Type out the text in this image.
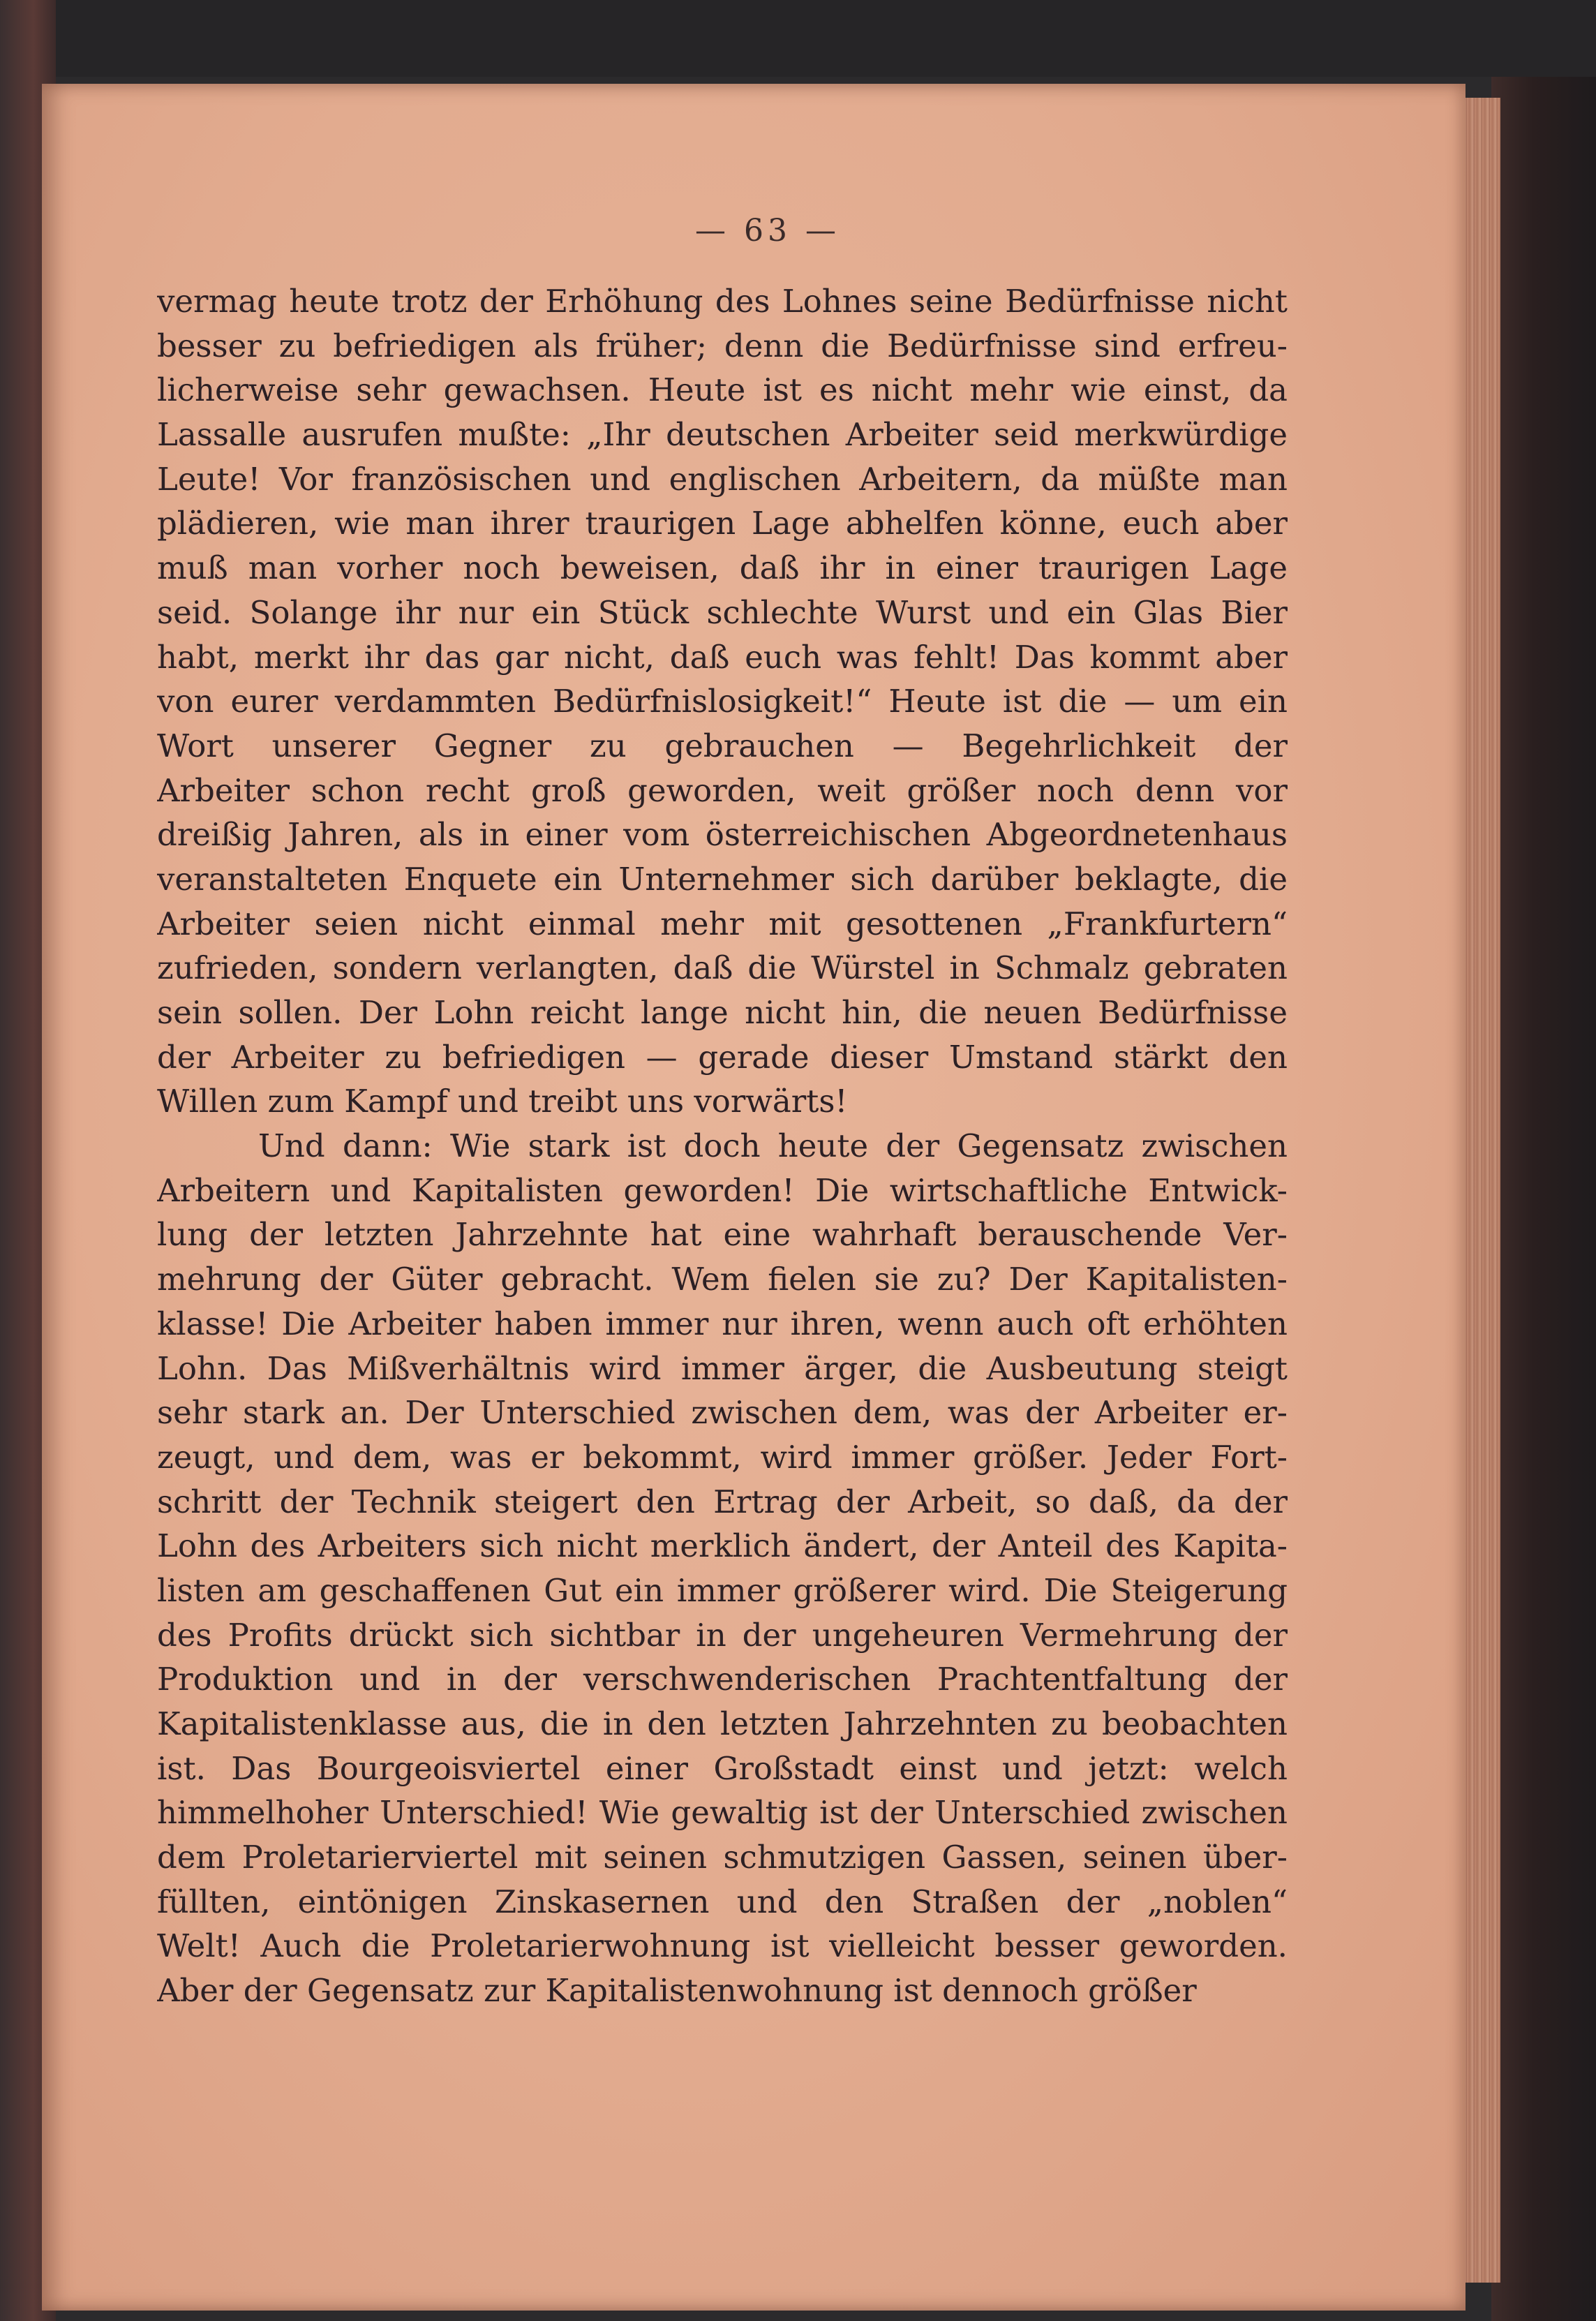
— 63 —
vermag heute trotz der Erhöhung des Lohnes seine Bedürfnisse nicht
besser zu befriedigen als früher; denn die Bedürfnisse sind erfreu-
licherweise sehr gewachsen. Heute ist es nicht mehr wie einst, da
Lassalle ausrufen mußte: „Ihr deutschen Arbeiter seid merkwürdige
Leute! Vor französischen und englischen Arbeitern, da müßte man
plädieren, wie man ihrer traurigen Lage abhelfen könne, euch aber
muß man vorher noch beweisen, daß ihr in einer traurigen Lage
seid. Solange ihr nur ein Stück schlechte Wurst und ein Glas Bier
habt, merkt ihr das gar nicht, daß euch was fehlt! Das kommt aber
von eurer verdammten Bedürfnislosigkeit!“ Heute ist die — um ein
Wort unserer Gegner zu gebrauchen — Begehrlichkeit der
Arbeiter schon recht groß geworden, weit größer noch denn vor
dreißig Jahren, als in einer vom österreichischen Abgeordnetenhaus
veranstalteten Enquete ein Unternehmer sich darüber beklagte, die
Arbeiter seien nicht einmal mehr mit gesottenen „Frankfurtern“
zufrieden, sondern verlangten, daß die Würstel in Schmalz gebraten
sein sollen. Der Lohn reicht lange nicht hin, die neuen Bedürfnisse
der Arbeiter zu befriedigen — gerade dieser Umstand stärkt den
Willen zum Kampf und treibt uns vorwärts!
Und dann: Wie stark ist doch heute der Gegensatz zwischen
Arbeitern und Kapitalisten geworden! Die wirtschaftliche Entwick-
lung der letzten Jahrzehnte hat eine wahrhaft berauschende Ver-
mehrung der Güter gebracht. Wem fielen sie zu? Der Kapitalisten-
klasse! Die Arbeiter haben immer nur ihren, wenn auch oft erhöhten
Lohn. Das Mißverhältnis wird immer ärger, die Ausbeutung steigt
sehr stark an. Der Unterschied zwischen dem, was der Arbeiter er-
zeugt, und dem, was er bekommt, wird immer größer. Jeder Fort-
schritt der Technik steigert den Ertrag der Arbeit, so daß, da der
Lohn des Arbeiters sich nicht merklich ändert, der Anteil des Kapita-
listen am geschaffenen Gut ein immer größerer wird. Die Steigerung
des Profits drückt sich sichtbar in der ungeheuren Vermehrung der
Produktion und in der verschwenderischen Prachtentfaltung der
Kapitalistenklasse aus, die in den letzten Jahrzehnten zu beobachten
ist. Das Bourgeoisviertel einer Großstadt einst und jetzt: welch
himmelhoher Unterschied! Wie gewaltig ist der Unterschied zwischen
dem Proletarierviertel mit seinen schmutzigen Gassen, seinen über-
füllten, eintönigen Zinskasernen und den Straßen der „noblen“
Welt! Auch die Proletarierwohnung ist vielleicht besser geworden.
Aber der Gegensatz zur Kapitalistenwohnung ist dennoch größer
